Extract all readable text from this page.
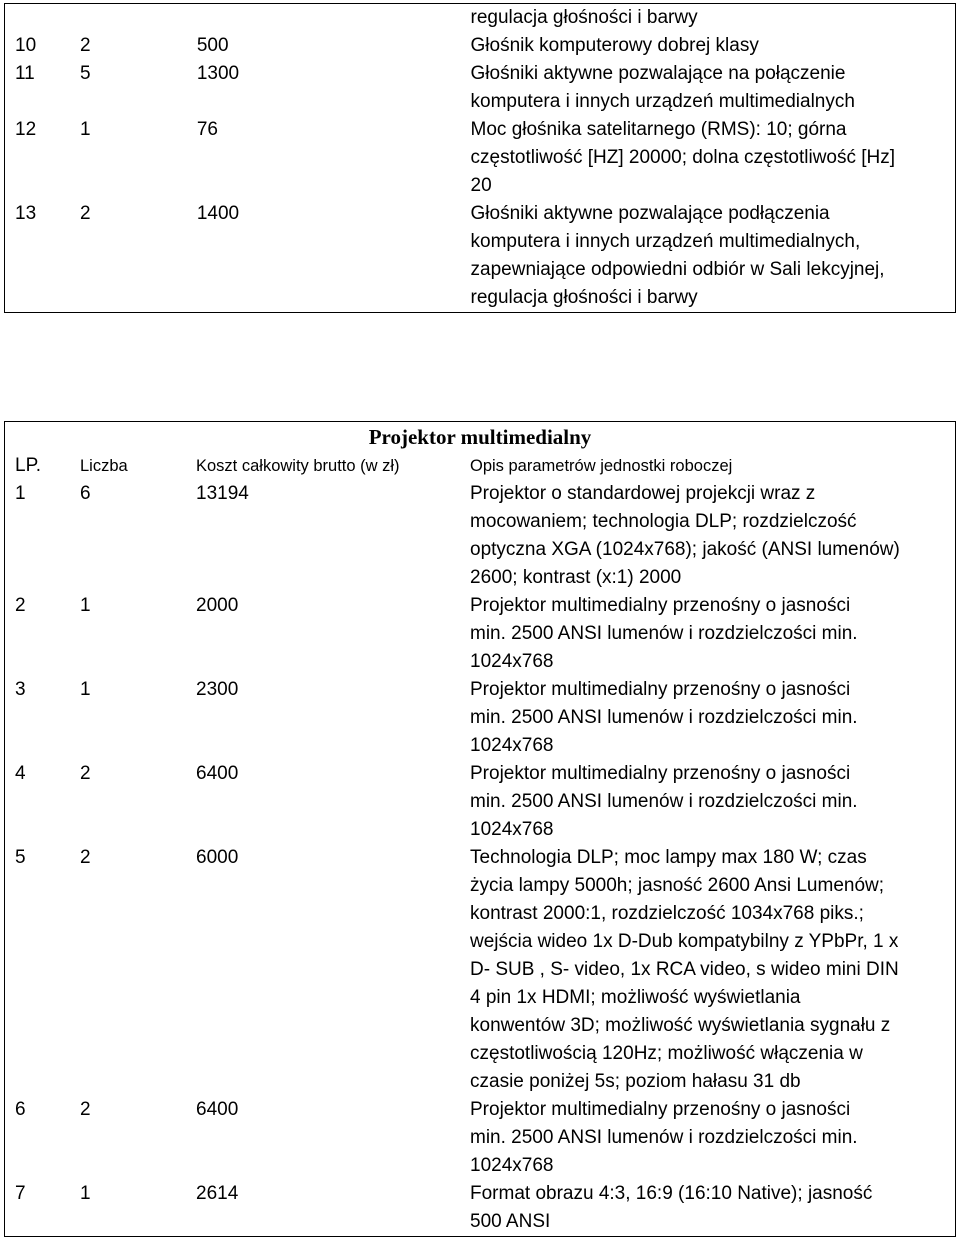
regulacja głośności i barwy
10	2	500	Głośnik komputerowy dobrej klasy
11	5	1300	Głośniki aktywne pozwalające na połączenie
komputera i innych urządzeń multimedialnych
12	1	76	Moc głośnika satelitarnego (RMS): 10; górna
częstotliwość [HZ] 20000; dolna częstotliwość [Hz]
20
13	2	1400	Głośniki aktywne pozwalające podłączenia
komputera i innych urządzeń multimedialnych,
zapewniające odpowiedni odbiór w Sali lekcyjnej,
regulacja głośności i barwy
Projektor multimedialny
LP.	Liczba	Koszt całkowity brutto (w zł)	Opis parametrów jednostki roboczej
1	6	13194	Projektor o standardowej projekcji wraz z
mocowaniem; technologia DLP; rozdzielczość
optyczna XGA (1024x768); jakość (ANSI lumenów)
2600; kontrast (x:1) 2000
2	1	2000	Projektor multimedialny przenośny o jasności
min. 2500 ANSI lumenów i rozdzielczości min.
1024x768
3	1	2300	Projektor multimedialny przenośny o jasności
min. 2500 ANSI lumenów i rozdzielczości min.
1024x768
4	2	6400	Projektor multimedialny przenośny o jasności
min. 2500 ANSI lumenów i rozdzielczości min.
1024x768
5	2	6000	Technologia DLP; moc lampy max 180 W; czas
życia lampy 5000h; jasność 2600 Ansi Lumenów;
kontrast 2000:1, rozdzielczość 1034x768 piks.;
wejścia wideo 1x D-Dub kompatybilny z YPbPr, 1 x
D- SUB , S- video, 1x RCA video, s wideo mini DIN
4 pin 1x HDMI; możliwość wyświetlania
konwentów 3D; możliwość wyświetlania sygnału z
częstotliwością 120Hz; możliwość włączenia w
czasie poniżej 5s; poziom hałasu 31 db
6	2	6400	Projektor multimedialny przenośny o jasności
min. 2500 ANSI lumenów i rozdzielczości min.
1024x768
7	1	2614	Format obrazu 4:3, 16:9 (16:10 Native); jasność
500 ANSI
